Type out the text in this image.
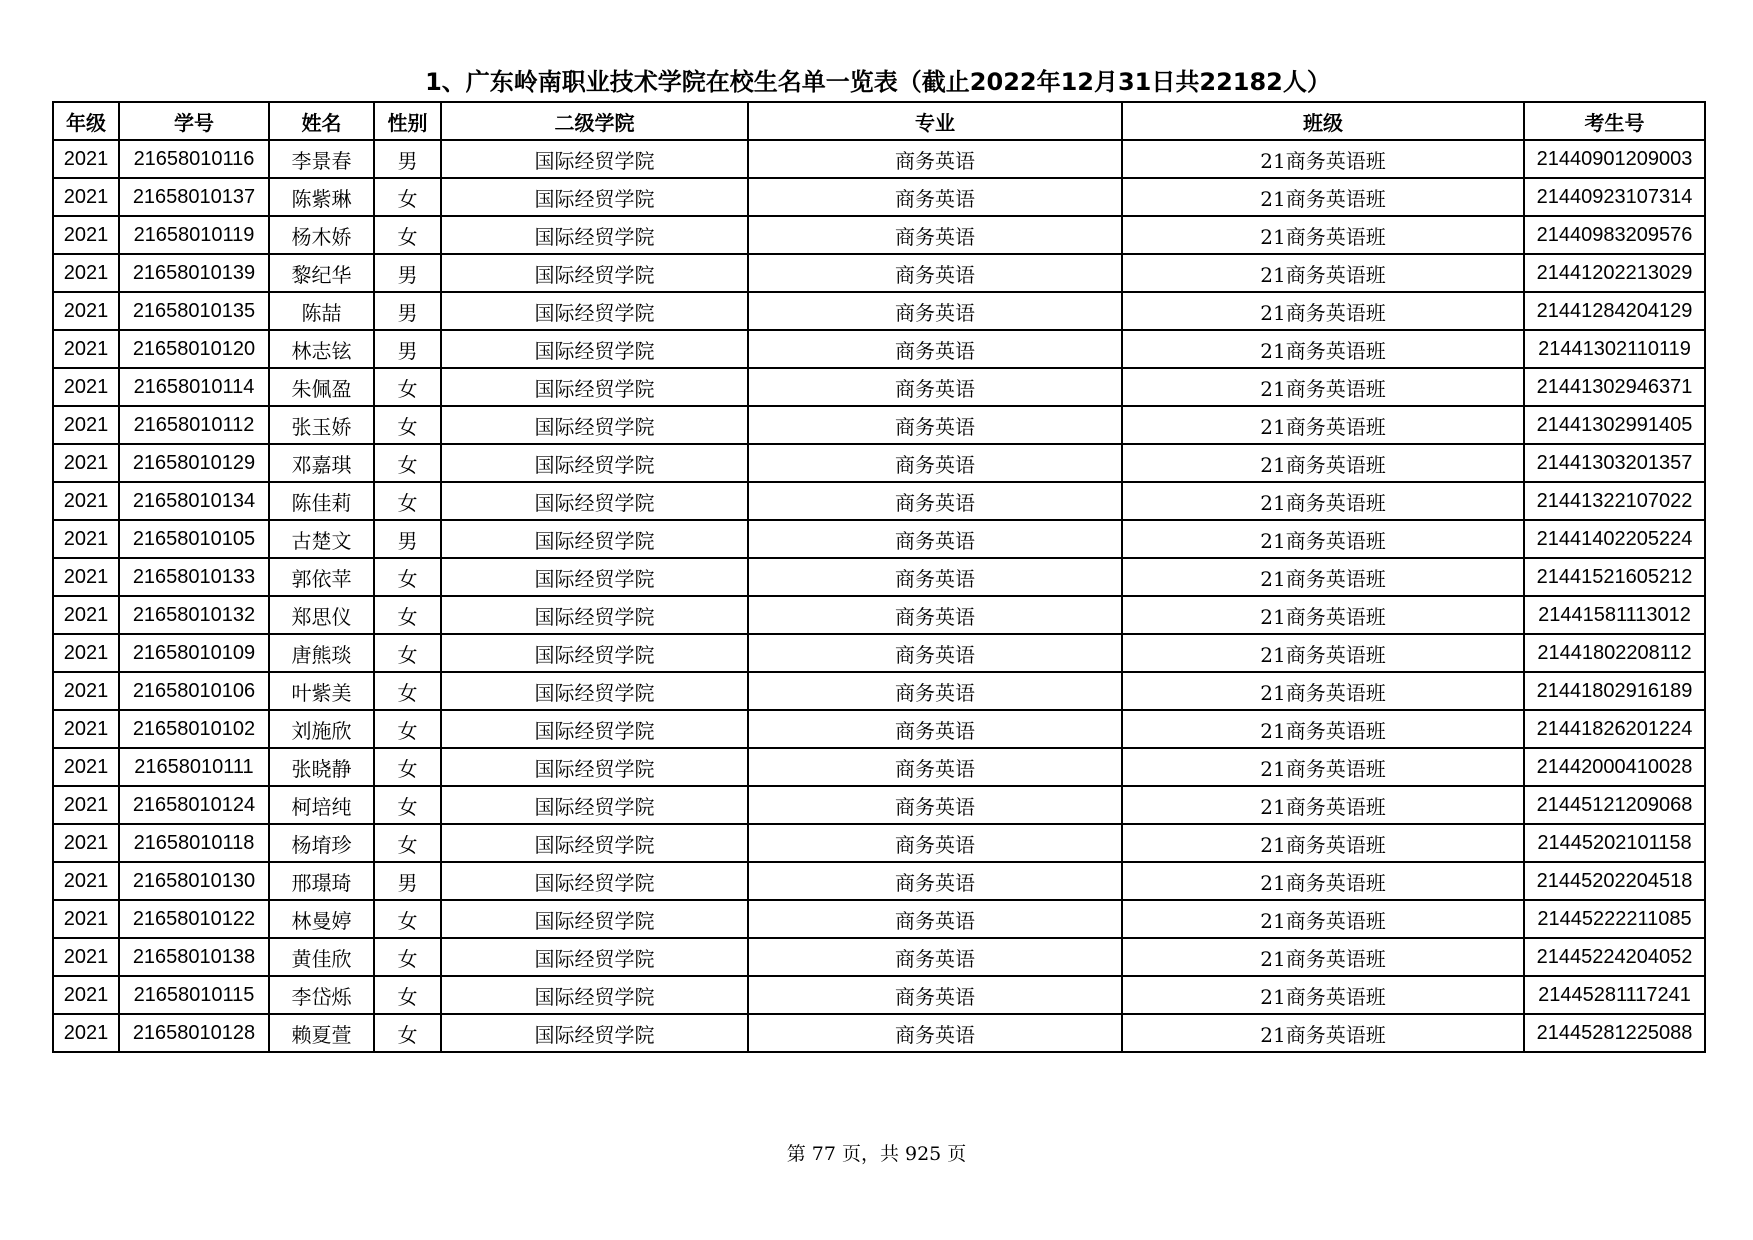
1、广东岭南职业技术学院在校生名单一览表（截止2022年12月31日共22182人）
年级	学号	姓名	性别	二级学院	专业	班级	考生号
2021	21658010116	李景春	男	国际经贸学院	商务英语	21商务英语班	21440901209003
2021	21658010137	陈紫琳	女	国际经贸学院	商务英语	21商务英语班	21440923107314
2021	21658010119	杨木娇	女	国际经贸学院	商务英语	21商务英语班	21440983209576
2021	21658010139	黎纪华	男	国际经贸学院	商务英语	21商务英语班	21441202213029
2021	21658010135	陈喆	男	国际经贸学院	商务英语	21商务英语班	21441284204129
2021	21658010120	林志铉	男	国际经贸学院	商务英语	21商务英语班	21441302110119
2021	21658010114	朱佩盈	女	国际经贸学院	商务英语	21商务英语班	21441302946371
2021	21658010112	张玉娇	女	国际经贸学院	商务英语	21商务英语班	21441302991405
2021	21658010129	邓嘉琪	女	国际经贸学院	商务英语	21商务英语班	21441303201357
2021	21658010134	陈佳莉	女	国际经贸学院	商务英语	21商务英语班	21441322107022
2021	21658010105	古楚文	男	国际经贸学院	商务英语	21商务英语班	21441402205224
2021	21658010133	郭依苹	女	国际经贸学院	商务英语	21商务英语班	21441521605212
2021	21658010132	郑思仪	女	国际经贸学院	商务英语	21商务英语班	21441581113012
2021	21658010109	唐熊琰	女	国际经贸学院	商务英语	21商务英语班	21441802208112
2021	21658010106	叶紫美	女	国际经贸学院	商务英语	21商务英语班	21441802916189
2021	21658010102	刘施欣	女	国际经贸学院	商务英语	21商务英语班	21441826201224
2021	21658010111	张晓静	女	国际经贸学院	商务英语	21商务英语班	21442000410028
2021	21658010124	柯培纯	女	国际经贸学院	商务英语	21商务英语班	21445121209068
2021	21658010118	杨堉珍	女	国际经贸学院	商务英语	21商务英语班	21445202101158
2021	21658010130	邢璟琦	男	国际经贸学院	商务英语	21商务英语班	21445202204518
2021	21658010122	林曼婷	女	国际经贸学院	商务英语	21商务英语班	21445222211085
2021	21658010138	黄佳欣	女	国际经贸学院	商务英语	21商务英语班	21445224204052
2021	21658010115	李岱烁	女	国际经贸学院	商务英语	21商务英语班	21445281117241
2021	21658010128	赖夏萱	女	国际经贸学院	商务英语	21商务英语班	21445281225088
第 77 页，共 925 页
